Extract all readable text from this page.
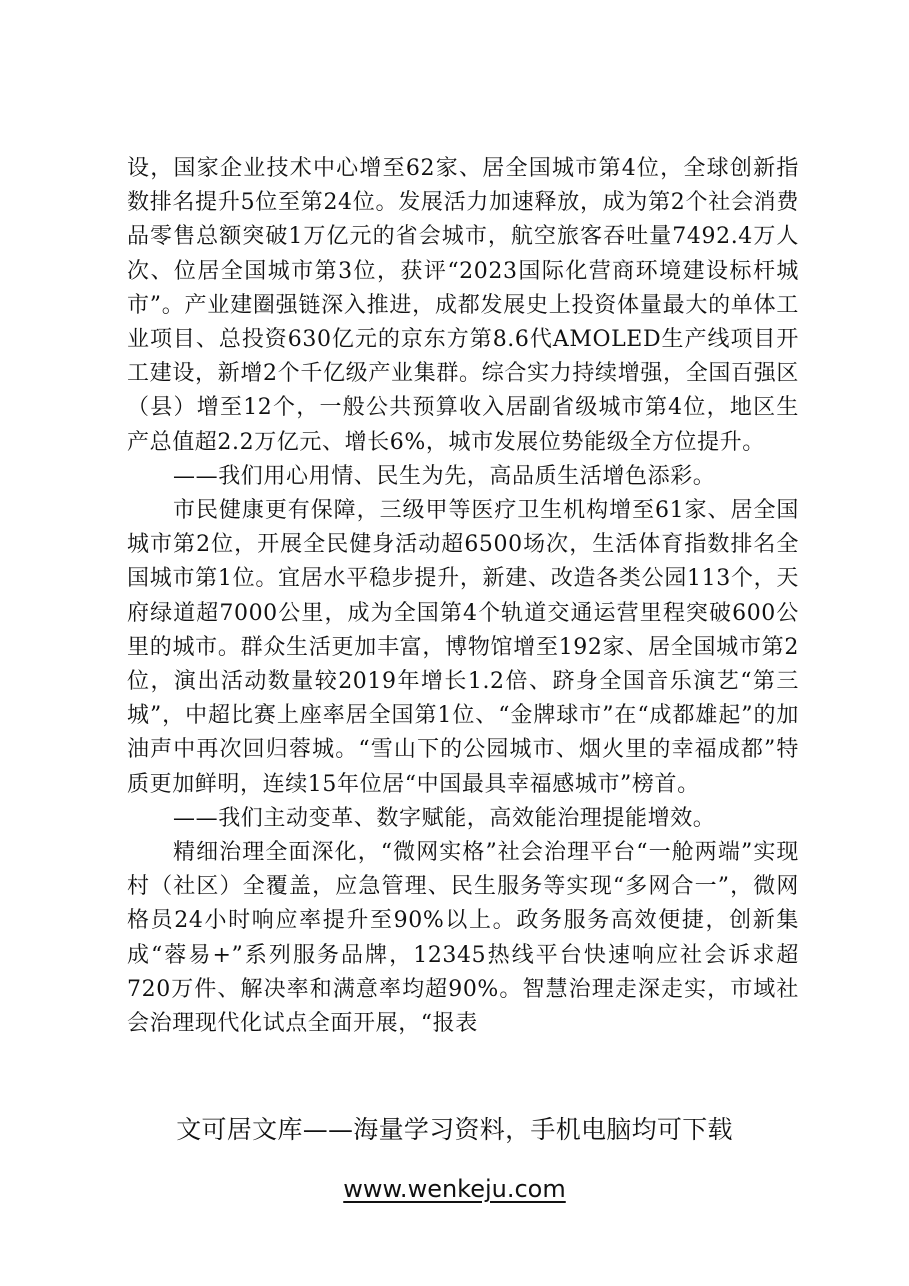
设，国家企业技术中心增至62家、居全国城市第4位，全球创新指数排名提升5位至第24位。发展活力加速释放，成为第2个社会消费品零售总额突破1万亿元的省会城市，航空旅客吞吐量7492.4万人次、位居全国城市第3位，获评“2023国际化营商环境建设标杆城市”。产业建圈强链深入推进，成都发展史上投资体量最大的单体工业项目、总投资630亿元的京东方第8.6代AMOLED生产线项目开工建设，新增2个千亿级产业集群。综合实力持续增强，全国百强区（县）增至12个，一般公共预算收入居副省级城市第4位，地区生产总值超2.2万亿元、增长6%，城市发展位势能级全方位提升。

——我们用心用情、民生为先，高品质生活增色添彩。

市民健康更有保障，三级甲等医疗卫生机构增至61家、居全国城市第2位，开展全民健身活动超6500场次，生活体育指数排名全国城市第1位。宜居水平稳步提升，新建、改造各类公园113个，天府绿道超7000公里，成为全国第4个轨道交通运营里程突破600公里的城市。群众生活更加丰富，博物馆增至192家、居全国城市第2位，演出活动数量较2019年增长1.2倍、跻身全国音乐演艺“第三城”，中超比赛上座率居全国第1位、“金牌球市”在“成都雄起”的加油声中再次回归蓉城。“雪山下的公园城市、烟火里的幸福成都”特质更加鲜明，连续15年位居“中国最具幸福感城市”榜首。

——我们主动变革、数字赋能，高效能治理提能增效。

精细治理全面深化，“微网实格”社会治理平台“一舱两端”实现村（社区）全覆盖，应急管理、民生服务等实现“多网合一”，微网格员24小时响应率提升至90%以上。政务服务高效便捷，创新集成“蓉易+”系列服务品牌，12345热线平台快速响应社会诉求超720万件、解决率和满意率均超90%。智慧治理走深走实，市域社会治理现代化试点全面开展，“报表

文可居文库——海量学习资料，手机电脑均可下载
www.wenkeju.com
